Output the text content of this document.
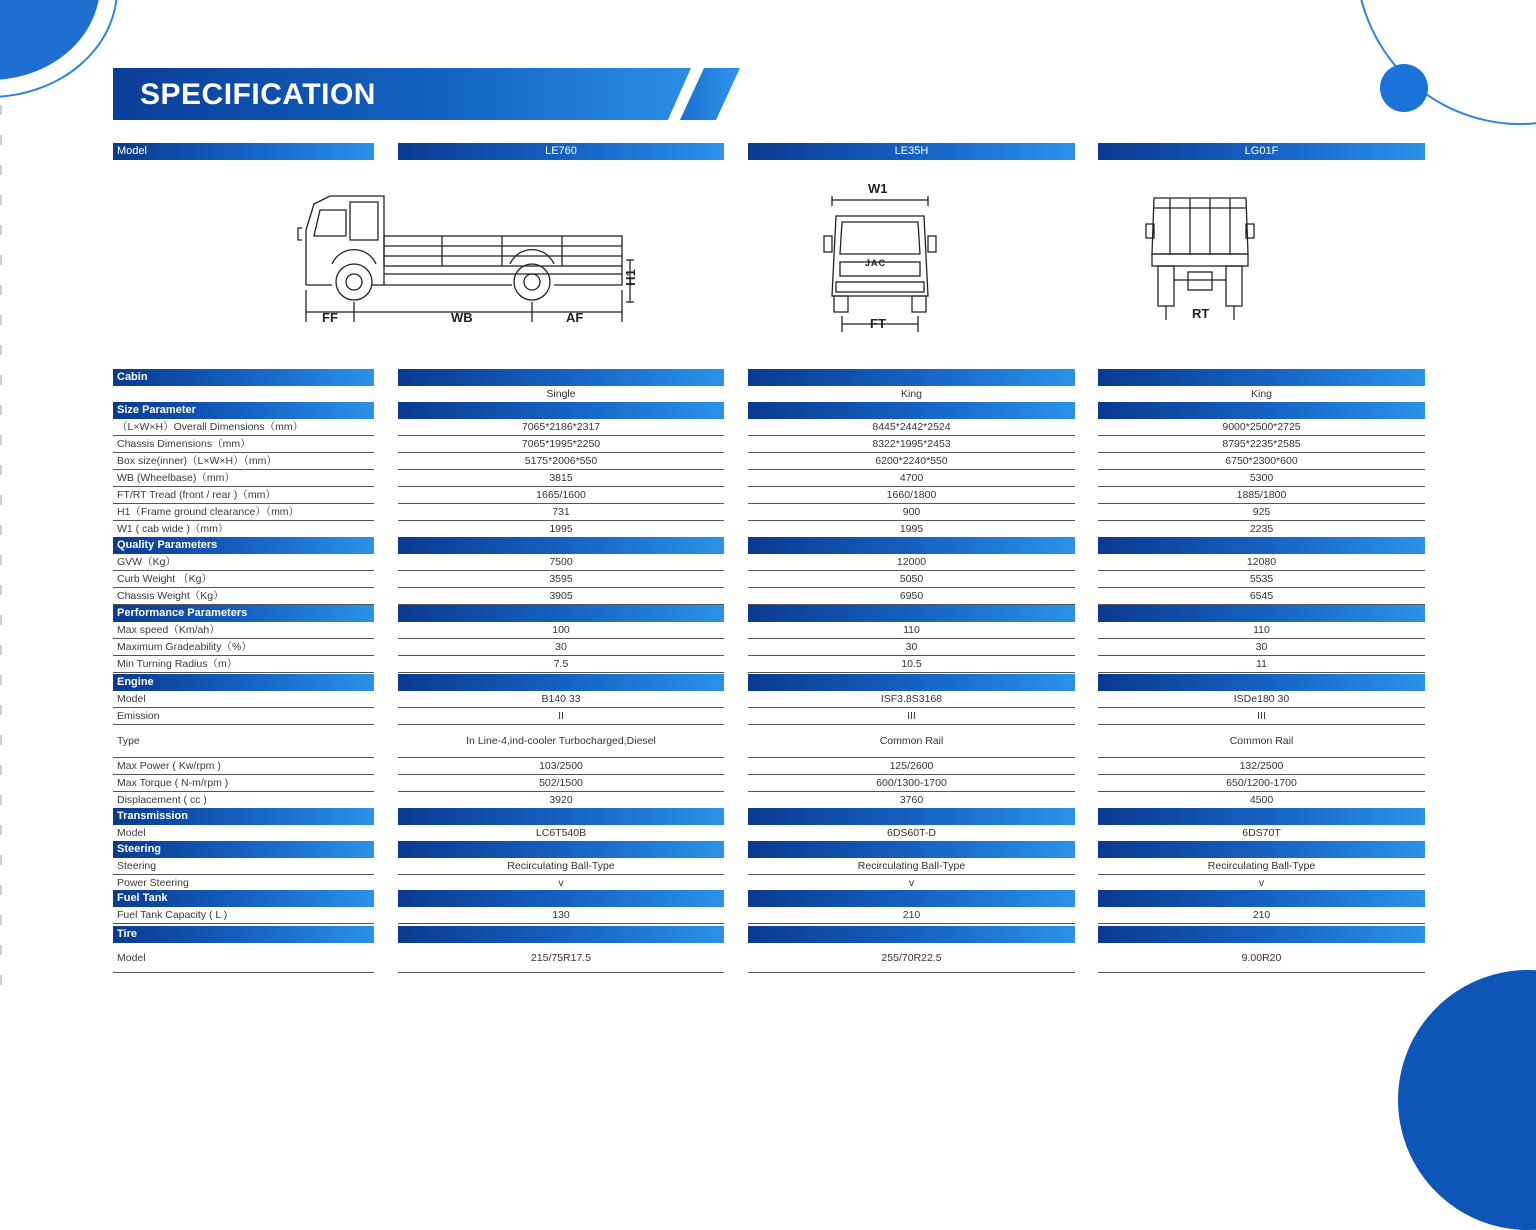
SPECIFICATION
Model	LE760	LE35H	LG01F
FF	WB	AF
H1
W1
FT
JAC
RT
Cabin
Single	King	King
Size Parameter
（L×W×H）Overall Dimensions（mm）	7065*2186*2317	8445*2442*2524	9000*2500*2725
Chassis Dimensions（mm）	7065*1995*2250	8322*1995*2453	8795*2235*2585
Box size(inner)（L×W×H）（mm）	5175*2006*550	6200*2240*550	6750*2300*600
WB (Wheelbase)（mm）	3815	4700	5300
FT/RT Tread (front / rear )（mm）	1665/1600	1660/1800	1885/1800
H1（Frame ground clearance）（mm）	731	900	925
W1 ( cab wide )（mm）	1995	1995	2235
Quality Parameters
GVW（Kg）	7500	12000	12080
Curb Weight （Kg）	3595	5050	5535
Chassis Weight（Kg）	3905	6950	6545
Performance Parameters
Max speed（Km/ah）	100	110	110
Maximum Gradeability（%）	30	30	30
Min Turning Radius（m）	7.5	10.5	11
Engine
Model	B140 33	ISF3.8S3168	ISDe180 30
Emission	II	III	III
Type	In Line-4,ind-cooler Turbocharged,Diesel	Common Rail	Common Rail
Max Power ( Kw/rpm )	103/2500	125/2600	132/2500
Max Torque ( N-m/rpm )	502/1500	600/1300-1700	650/1200-1700
Displacement ( cc )	3920	3760	4500
Transmission
Model	LC6T540B	6DS60T-D	6DS70T
Steering
Steering	Recirculating Ball-Type	Recirculating Ball-Type	Recirculating Ball-Type
Power Steering	v	v	v
Fuel Tank
Fuel Tank Capacity ( L )	130	210	210
Tire
Model	215/75R17.5	255/70R22.5	9.00R20
